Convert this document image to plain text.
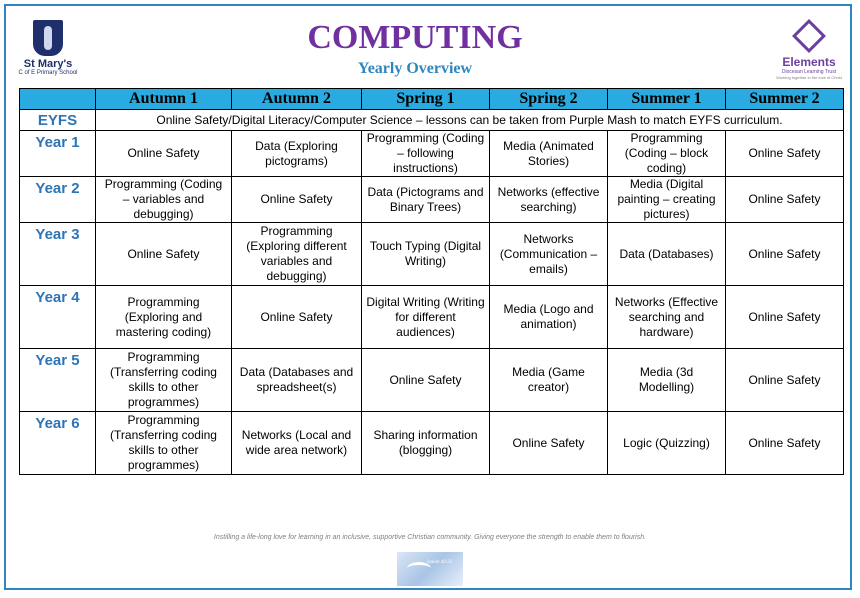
St Mary's
C of E Primary School
COMPUTING
Yearly Overview	Elements
Diocesan Learning Trust
Working together in the love of Christ
	Autumn 1	Autumn 2	Spring 1	Spring 2	Summer 1	Summer 2
EYFS	Online Safety/Digital Literacy/Computer Science – lessons can be taken from Purple Mash to match EYFS curriculum.					
Year 1	Online Safety	Data (Exploring pictograms)	Programming (Coding – following instructions)	Media (Animated Stories)	Programming (Coding – block coding)	Online Safety
Year 2	Programming (Coding – variables and debugging)	Online Safety	Data (Pictograms and Binary Trees)	Networks (effective searching)	Media (Digital painting – creating pictures)	Online Safety
Year 3	Online Safety	Programming (Exploring different variables and debugging)	Touch Typing (Digital Writing)	Networks (Communication – emails)	Data (Databases)	Online Safety
Year 4	Programming (Exploring and mastering coding)	Online Safety	Digital Writing (Writing for different audiences)	Media (Logo and animation)	Networks (Effective searching and hardware)	Online Safety
Year 5	Programming (Transferring coding skills to other programmes)	Data (Databases and spreadsheet(s)	Online Safety	Media (Game creator)	Media (3d Modelling)	Online Safety
Year 6	Programming (Transferring coding skills to other programmes)	Networks (Local and wide area network)	Sharing information (blogging)	Online Safety	Logic (Quizzing)	Online Safety
Instilling a life-long love for learning in an inclusive, supportive Christian community. Giving everyone the strength to enable them to flourish.
Isaiah 40:31
